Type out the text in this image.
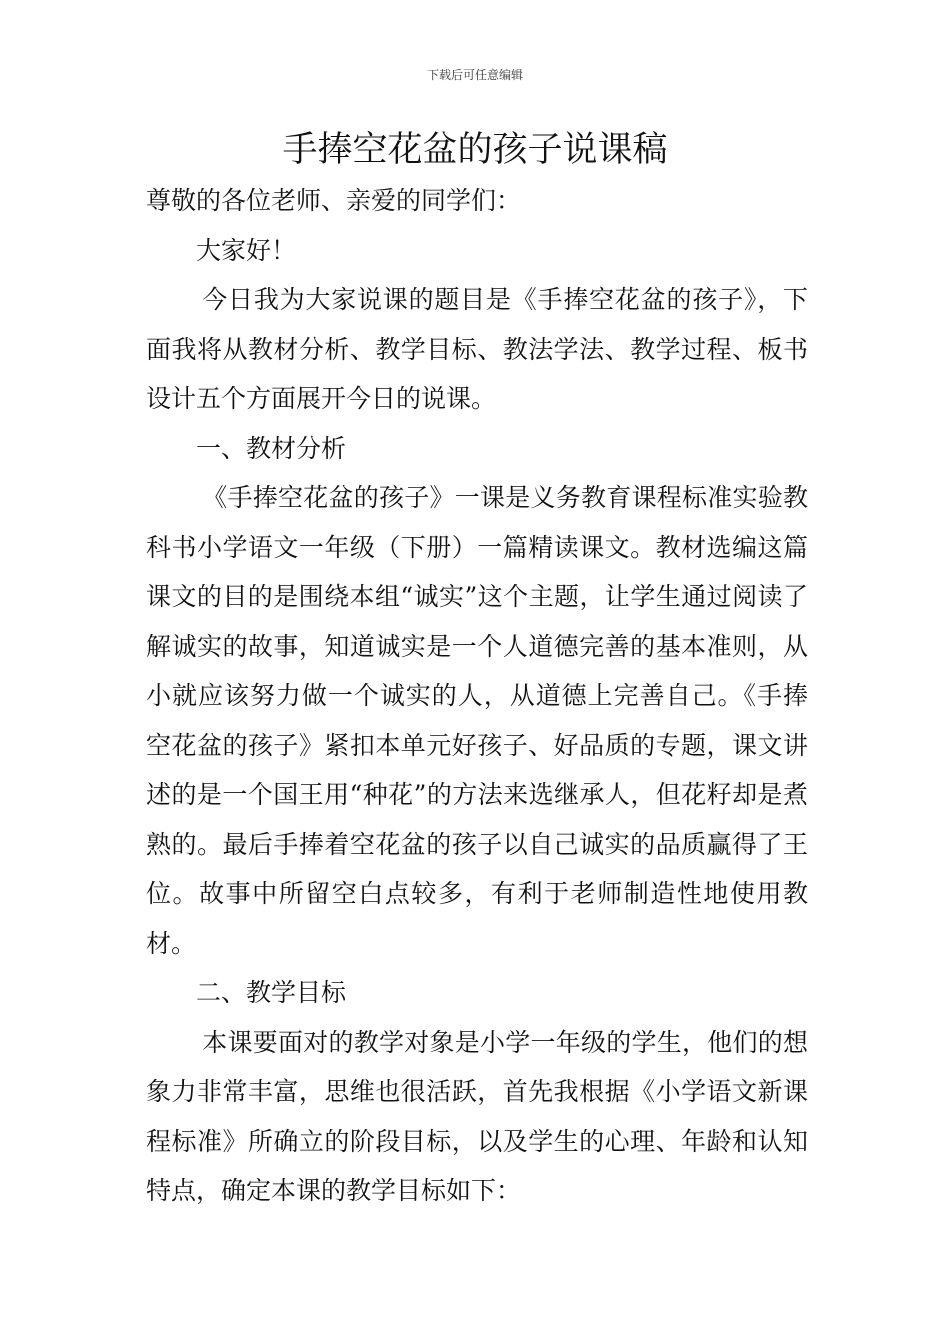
下载后可任意编辑
手捧空花盆的孩子说课稿

尊敬的各位老师、亲爱的同学们：

大家好！

今日我为大家说课的题目是《手捧空花盆的孩子》，下面我将从教材分析、教学目标、教法学法、教学过程、板书设计五个方面展开今日的说课。

一、教材分析

《手捧空花盆的孩子》一课是义务教育课程标准实验教科书小学语文一年级（下册）一篇精读课文。教材选编这篇课文的目的是围绕本组“诚实”这个主题，让学生通过阅读了解诚实的故事，知道诚实是一个人道德完善的基本准则，从小就应该努力做一个诚实的人，从道德上完善自己。《手捧空花盆的孩子》紧扣本单元好孩子、好品质的专题，课文讲述的是一个国王用“种花”的方法来选继承人，但花籽却是煮熟的。最后手捧着空花盆的孩子以自己诚实的品质赢得了王位。故事中所留空白点较多，有利于老师制造性地使用教材。

二、教学目标

本课要面对的教学对象是小学一年级的学生，他们的想象力非常丰富，思维也很活跃，首先我根据《小学语文新课程标准》所确立的阶段目标，以及学生的心理、年龄和认知特点，确定本课的教学目标如下：
